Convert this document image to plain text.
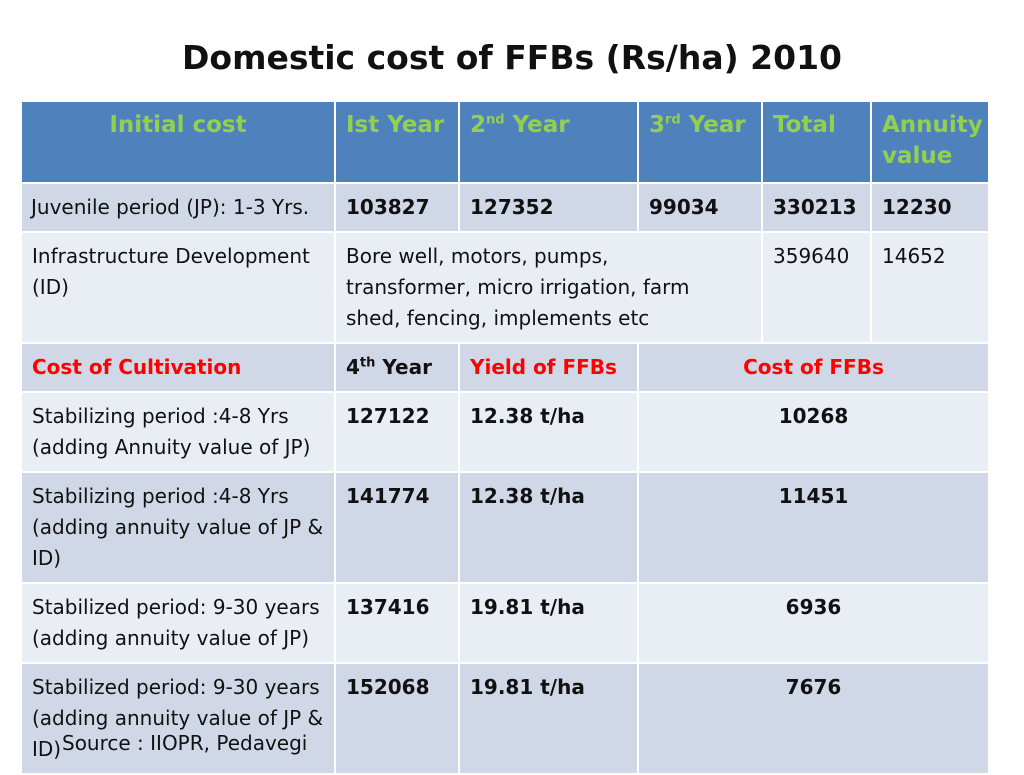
Domestic cost of FFBs (Rs/ha) 2010
Initial cost	Ist Year	2nd Year	3rd Year	Total	Annuity value
Juvenile period (JP): 1-3 Yrs.	103827	127352	99034	330213	12230
Infrastructure Development (ID)	Bore well, motors, pumps, transformer, micro irrigation, farm shed, fencing, implements etc			359640	14652
Cost of Cultivation	4th Year	Yield of FFBs	Cost of FFBs		
Stabilizing period :4-8 Yrs (adding Annuity value of JP)	127122	12.38 t/ha	10268		
Stabilizing period :4-8 Yrs (adding annuity value of JP & ID)	141774	12.38 t/ha	11451		
Stabilized period: 9-30 years (adding annuity value of JP)	137416	19.81 t/ha	6936		
Stabilized period: 9-30 years (adding annuity value of JP & ID)	152068	19.81 t/ha	7676		
Source : IIOPR, Pedavegi
